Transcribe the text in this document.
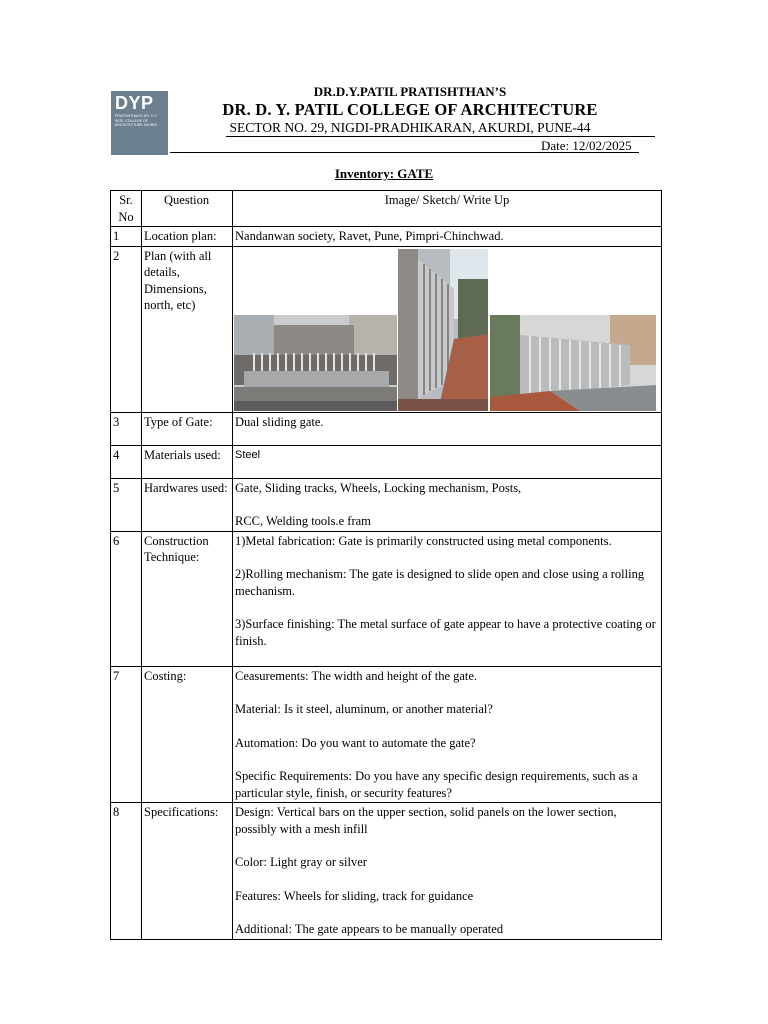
DYP
PRATISHTHAN'S DR. D.Y. PATIL COLLEGE OF ARCHITECTURE AKURDI
DR.D.Y.PATIL PRATISHTHAN’S
DR. D. Y. PATIL COLLEGE OF ARCHITECTURE
SECTOR NO. 29, NIGDI-PRADHIKARAN, AKURDI, PUNE-44
Date: 12/02/2025
Inventory: GATE
Sr. No	Question	Image/ Sketch/ Write Up
1	Location plan:	Nandanwan society, Ravet, Pune, Pimpri-Chinchwad.

2	Plan (with all details, Dimensions, north, etc)	

3	Type of Gate:	Dual sliding gate.

4	Materials used:	Steel

5	Hardwares used:	Gate, Sliding tracks, Wheels, Locking mechanism, Posts,

RCC, Welding tools.e fram

6	Construction Technique:	1)Metal fabrication: Gate is primarily constructed using metal components.

2)Rolling mechanism: The gate is designed to slide open and close using a rolling mechanism.

3)Surface finishing: The metal surface of gate appear to have a protective coating or finish.

7	Costing:	Ceasurements: The width and height of the gate.

Material: Is it steel, aluminum, or another material?

Automation: Do you want to automate the gate?

Specific Requirements: Do you have any specific design requirements, such as a particular style, finish, or security features?

8	Specifications:	Design: Vertical bars on the upper section, solid panels on the lower section, possibly with a mesh infill

Color: Light gray or silver

Features: Wheels for sliding, track for guidance

Additional: The gate appears to be manually operated
